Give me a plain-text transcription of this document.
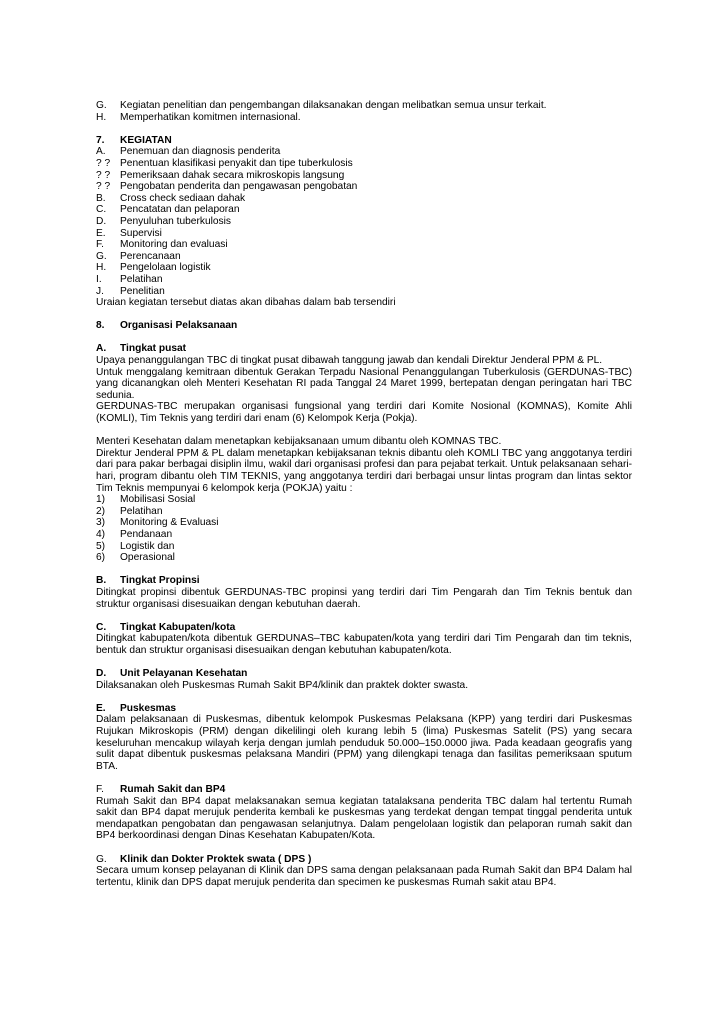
G.	Kegiatan penelitian dan pengembangan dilaksanakan dengan melibatkan semua unsur terkait.
H.	Memperhatikan komitmen internasional.
7.	KEGIATAN
A.	Penemuan dan diagnosis penderita
? ? Penentuan klasifikasi penyakit dan tipe tuberkulosis
? ? Pemeriksaan dahak secara mikroskopis langsung
? ? Pengobatan penderita dan pengawasan pengobatan
B.	Cross check sediaan dahak
C.	Pencatatan dan pelaporan
D.	Penyuluhan tuberkulosis
E.	Supervisi
F.	Monitoring dan evaluasi
G.	Perencanaan
H.	Pengelolaan logistik
I.	Pelatihan
J.	Penelitian

Uraian kegiatan tersebut diatas akan dibahas dalam bab tersendiri

8.	Organisasi Pelaksanaan
A.	Tingkat pusat

Upaya penanggulangan TBC di tingkat pusat dibawah tanggung jawab dan kendali Direktur Jenderal PPM & PL.

Untuk menggalang kemitraan dibentuk Gerakan Terpadu Nasional Penanggulangan Tuberkulosis (GERDUNAS-TBC) yang dicanangkan oleh Menteri Kesehatan RI pada Tanggal 24 Maret 1999, bertepatan dengan peringatan hari TBC sedunia.

GERDUNAS-TBC merupakan organisasi fungsional yang terdiri dari Komite Nosional (KOMNAS), Komite Ahli (KOMLI), Tim Teknis yang terdiri dari enam (6) Kelompok Kerja (Pokja).

Menteri Kesehatan dalam menetapkan kebijaksanaan umum dibantu oleh KOMNAS TBC.

Direktur Jenderal PPM & PL dalam menetapkan kebijaksanan teknis dibantu oleh KOMLI TBC yang anggotanya terdiri dari para pakar berbagai disiplin ilmu, wakil dari organisasi profesi dan para pejabat terkait. Untuk pelaksanaan sehari-hari, program dibantu oleh TIM TEKNIS, yang anggotanya terdiri dari berbagai unsur lintas program dan lintas sektor Tim Teknis mempunyai 6 kelompok kerja (POKJA) yaitu :

1)	Mobilisasi Sosial
2)	Pelatihan
3)	Monitoring & Evaluasi
4)	Pendanaan
5)	Logistik dan
6)	Operasional
B.	Tingkat Propinsi

Ditingkat propinsi dibentuk GERDUNAS-TBC propinsi yang terdiri dari Tim Pengarah dan Tim Teknis bentuk dan struktur organisasi disesuaikan dengan kebutuhan daerah.

C.	Tingkat Kabupaten/kota

Ditingkat kabupaten/kota dibentuk GERDUNAS–TBC kabupaten/kota yang terdiri dari Tim Pengarah dan tim teknis, bentuk dan struktur organisasi disesuaikan dengan kebutuhan kabupaten/kota.

D.	Unit Pelayanan Kesehatan

Dilaksanakan oleh Puskesmas Rumah Sakit BP4/klinik dan praktek dokter swasta.

E.	Puskesmas

Dalam pelaksanaan di Puskesmas, dibentuk kelompok Puskesmas Pelaksana (KPP) yang terdiri dari Puskesmas Rujukan Mikroskopis (PRM) dengan dikelilingi oleh kurang lebih 5 (lima) Puskesmas Satelit (PS) yang secara keseluruhan mencakup wilayah kerja dengan jumlah penduduk 50.000–150.0000 jiwa. Pada keadaan geografis yang sulit dapat dibentuk puskesmas pelaksana Mandiri (PPM) yang dilengkapi tenaga dan fasilitas pemeriksaan sputum BTA.

F.	Rumah Sakit dan BP4

Rumah Sakit dan BP4 dapat melaksanakan semua kegiatan tatalaksana penderita TBC dalam hal tertentu Rumah sakit dan BP4 dapat merujuk penderita kembali ke puskesmas yang terdekat dengan tempat tinggal penderita untuk mendapatkan pengobatan dan pengawasan selanjutnya. Dalam pengelolaan logistik dan pelaporan rumah sakit dan BP4 berkoordinasi dengan Dinas Kesehatan Kabupaten/Kota.

G.	Klinik dan Dokter Proktek swata ( DPS )

Secara umum konsep pelayanan di Klinik dan DPS sama dengan pelaksanaan pada Rumah Sakit dan BP4 Dalam hal tertentu, klinik dan DPS dapat merujuk penderita dan specimen ke puskesmas Rumah sakit atau BP4.
